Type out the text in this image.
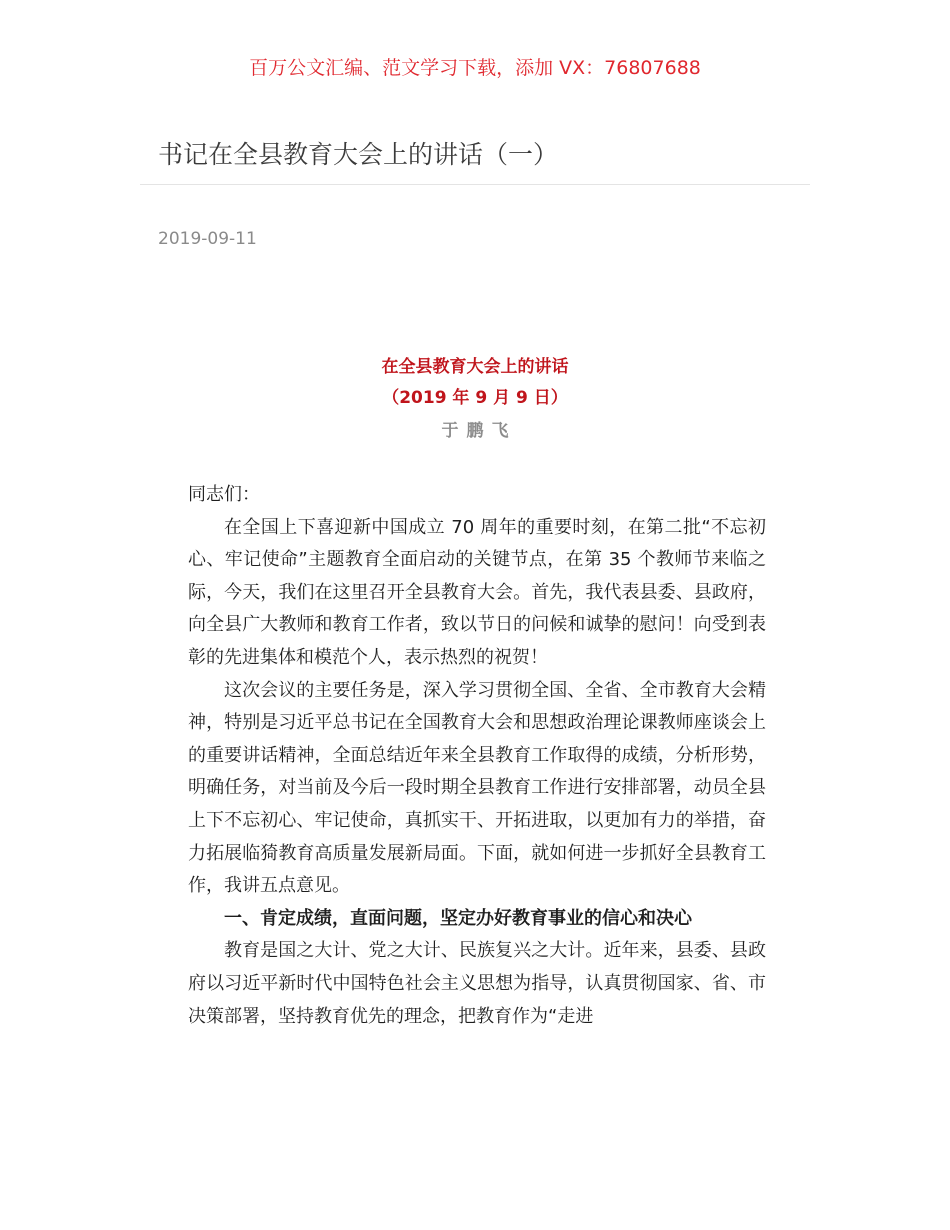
百万公文汇编、范文学习下载，添加 VX：76807688
书记在全县教育大会上的讲话（一）
2019-09-11
在全县教育大会上的讲话
（2019 年 9 月 9 日）
于鹏飞

同志们：

在全国上下喜迎新中国成立 70 周年的重要时刻，在第二批“不忘初心、牢记使命”主题教育全面启动的关键节点，在第 35 个教师节来临之际，今天，我们在这里召开全县教育大会。首先，我代表县委、县政府，向全县广大教师和教育工作者，致以节日的问候和诚挚的慰问！向受到表彰的先进集体和模范个人，表示热烈的祝贺！

这次会议的主要任务是，深入学习贯彻全国、全省、全市教育大会精神，特别是习近平总书记在全国教育大会和思想政治理论课教师座谈会上的重要讲话精神，全面总结近年来全县教育工作取得的成绩，分析形势，明确任务，对当前及今后一段时期全县教育工作进行安排部署，动员全县上下不忘初心、牢记使命，真抓实干、开拓进取，以更加有力的举措，奋力拓展临猗教育高质量发展新局面。下面，就如何进一步抓好全县教育工作，我讲五点意见。

一、肯定成绩，直面问题，坚定办好教育事业的信心和决心

教育是国之大计、党之大计、民族复兴之大计。近年来，县委、县政府以习近平新时代中国特色社会主义思想为指导，认真贯彻国家、省、市决策部署，坚持教育优先的理念，把教育作为“走进
